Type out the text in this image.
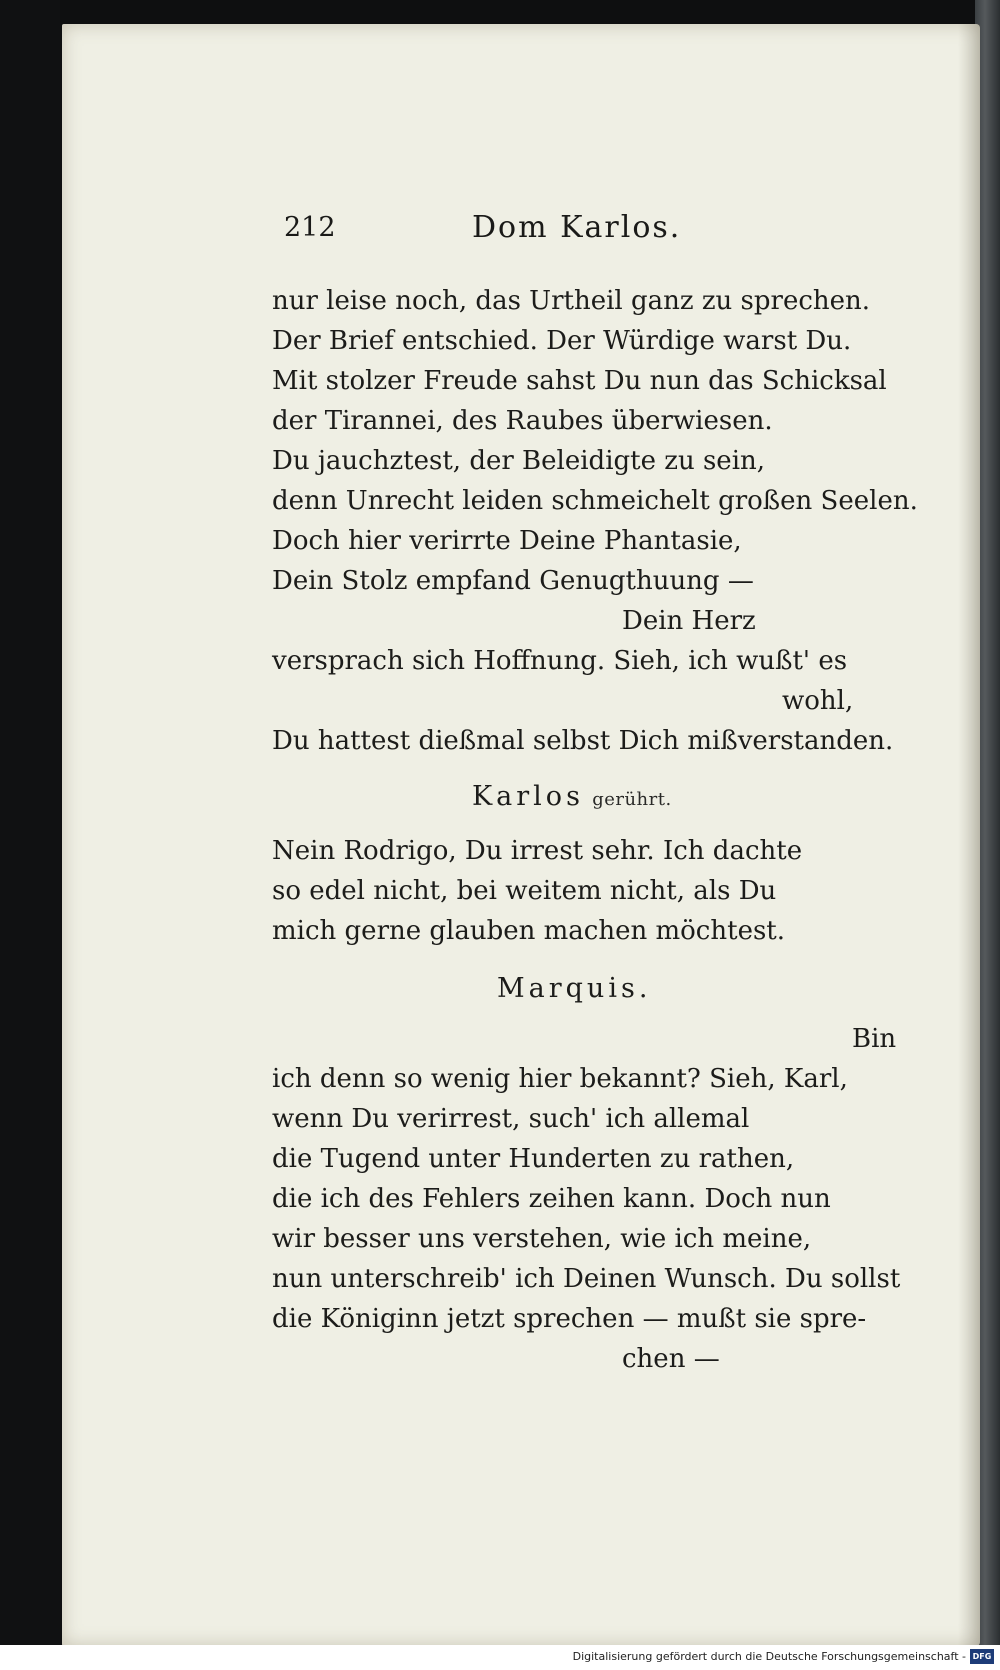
212	Dom Karlos.
nur leise noch, das Urtheil ganz zu sprechen.
Der Brief entschied. Der Würdige warst Du.
Mit stolzer Freude sahst Du nun das Schicksal
der Tirannei, des Raubes überwiesen.
Du jauchztest, der Beleidigte zu sein,
denn Unrecht leiden schmeichelt großen Seelen.
Doch hier verirrte Deine Phantasie,
Dein Stolz empfand Genugthuung —
Dein Herz
versprach sich Hoffnung. Sieh, ich wußt' es
wohl,
Du hattest dießmal selbst Dich mißverstanden.
Karlos gerührt.
Nein Rodrigo, Du irrest sehr. Ich dachte
so edel nicht, bei weitem nicht, als Du
mich gerne glauben machen möchtest.
Marquis.
Bin
ich denn so wenig hier bekannt? Sieh, Karl,
wenn Du verirrest, such' ich allemal
die Tugend unter Hunderten zu rathen,
die ich des Fehlers zeihen kann. Doch nun
wir besser uns verstehen, wie ich meine,
nun unterschreib' ich Deinen Wunsch. Du sollst
die Königinn jetzt sprechen — mußt sie spre-
chen —
Digitalisierung gefördert durch die Deutsche Forschungsgemeinschaft - DFG
